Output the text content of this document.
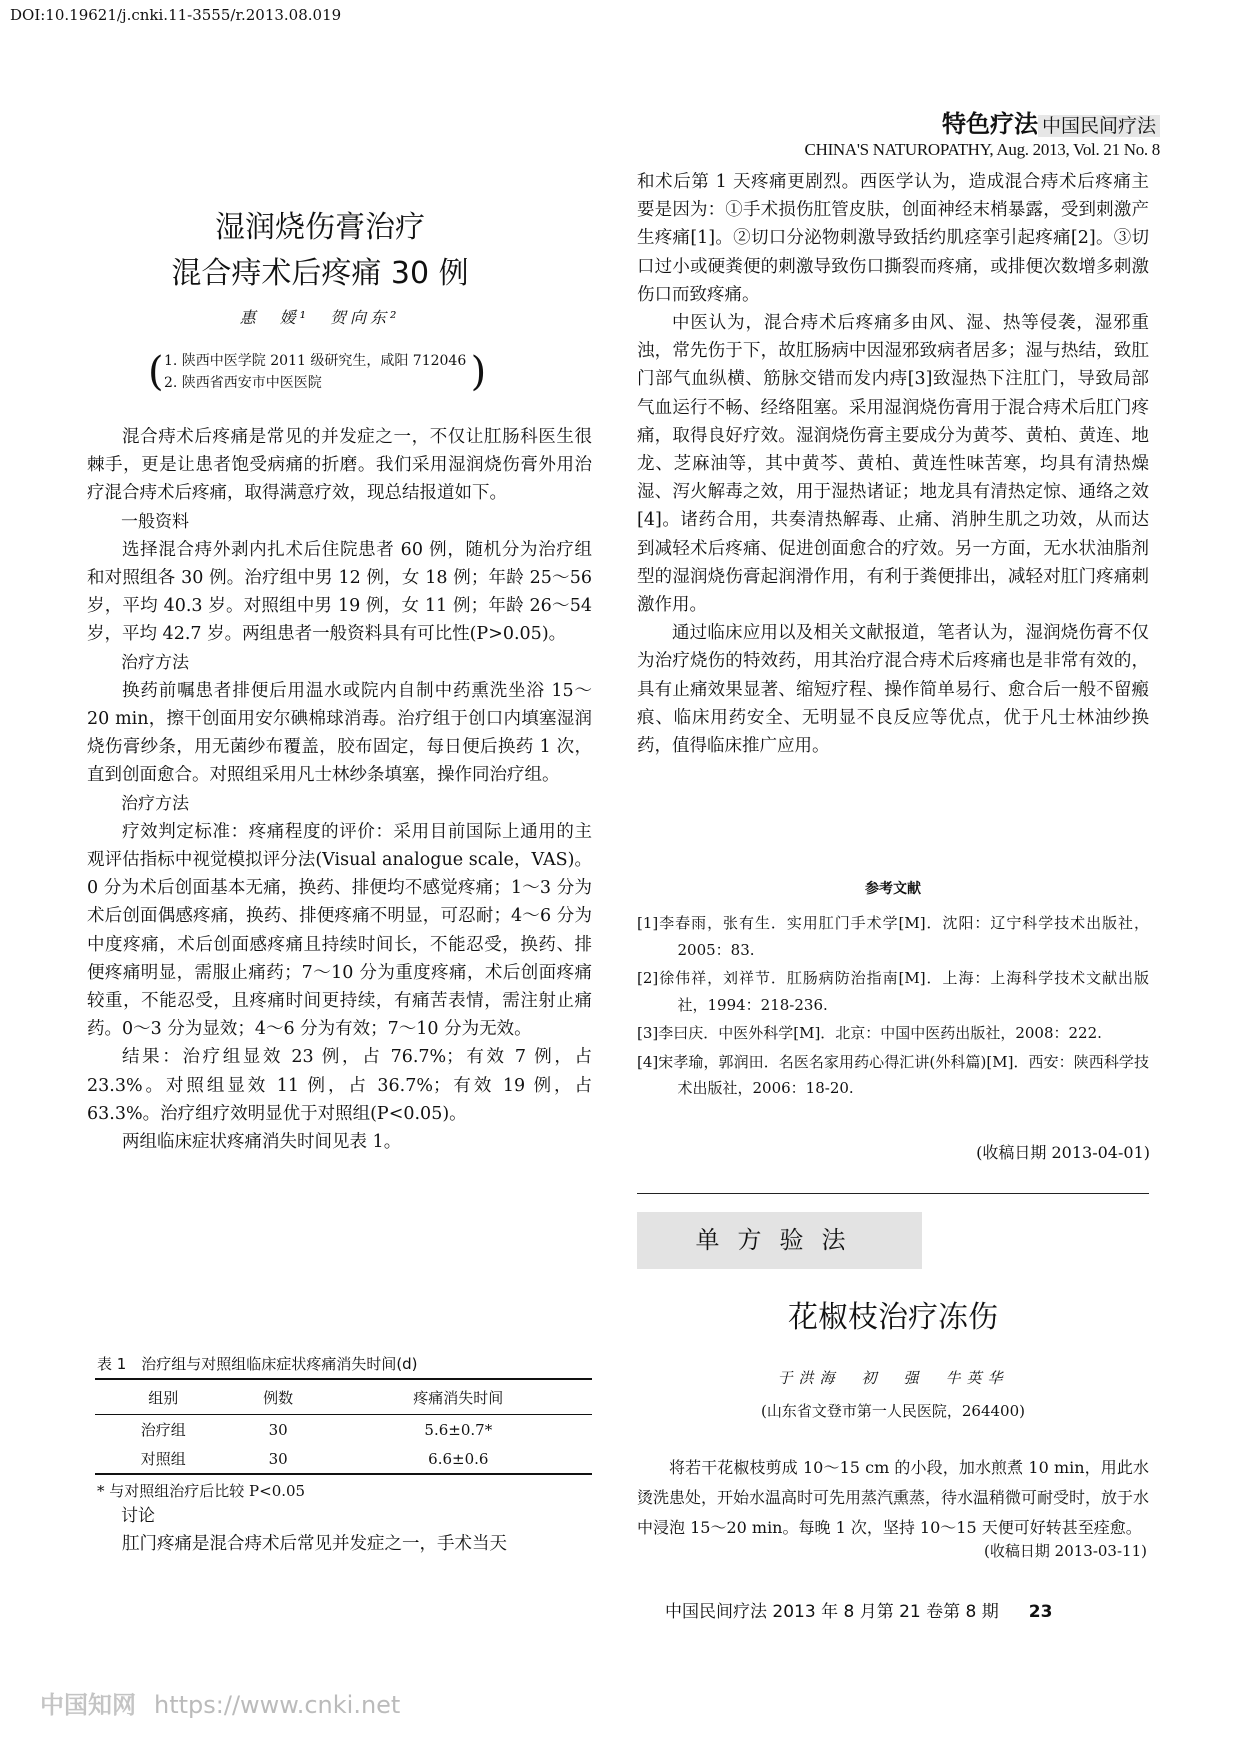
DOI:10.19621/j.cnki.11-3555/r.2013.08.019
特色疗法 中国民间疗法
CHINA'S NATUROPATHY, Aug. 2013, Vol. 21 No. 8
湿润烧伤膏治疗
混合痔术后疼痛 30 例
惠　媛¹　贺向东²
( 1. 陕西中医学院 2011 级研究生，咸阳 712046
2. 陕西省西安市中医医院	)

混合痔术后疼痛是常见的并发症之一，不仅让肛肠科医生很棘手，更是让患者饱受病痛的折磨。我们采用湿润烧伤膏外用治疗混合痔术后疼痛，取得满意疗效，现总结报道如下。

一般资料

选择混合痔外剥内扎术后住院患者 60 例，随机分为治疗组和对照组各 30 例。治疗组中男 12 例，女 18 例；年龄 25～56 岁，平均 40.3 岁。对照组中男 19 例，女 11 例；年龄 26～54 岁，平均 42.7 岁。两组患者一般资料具有可比性(P>0.05)。

治疗方法

换药前嘱患者排便后用温水或院内自制中药熏洗坐浴 15～20 min，擦干创面用安尔碘棉球消毒。治疗组于创口内填塞湿润烧伤膏纱条，用无菌纱布覆盖，胶布固定，每日便后换药 1 次，直到创面愈合。对照组采用凡士林纱条填塞，操作同治疗组。

治疗方法

疗效判定标准：疼痛程度的评价：采用目前国际上通用的主观评估指标中视觉模拟评分法(Visual analogue scale，VAS)。0 分为术后创面基本无痛，换药、排便均不感觉疼痛；1～3 分为术后创面偶感疼痛，换药、排便疼痛不明显，可忍耐；4～6 分为中度疼痛，术后创面感疼痛且持续时间长，不能忍受，换药、排便疼痛明显，需服止痛药；7～10 分为重度疼痛，术后创面疼痛较重，不能忍受，且疼痛时间更持续，有痛苦表情，需注射止痛药。0～3 分为显效；4～6 分为有效；7～10 分为无效。

结果：治疗组显效 23 例，占 76.7%；有效 7 例，占 23.3%。对照组显效 11 例，占 36.7%；有效 19 例，占 63.3%。治疗组疗效明显优于对照组(P<0.05)。

两组临床症状疼痛消失时间见表 1。

表 1　治疗组与对照组临床症状疼痛消失时间(d)
组别	例数	疼痛消失时间
治疗组	30	5.6±0.7*
对照组	30	6.6±0.6
* 与对照组治疗后比较 P<0.05

讨论

肛门疼痛是混合痔术后常见并发症之一，手术当天

和术后第 1 天疼痛更剧烈。西医学认为，造成混合痔术后疼痛主要是因为：①手术损伤肛管皮肤，创面神经末梢暴露，受到刺激产生疼痛[1]。②切口分泌物刺激导致括约肌痉挛引起疼痛[2]。③切口过小或硬粪便的刺激导致伤口撕裂而疼痛，或排便次数增多刺激伤口而致疼痛。

中医认为，混合痔术后疼痛多由风、湿、热等侵袭，湿邪重浊，常先伤于下，故肛肠病中因湿邪致病者居多；湿与热结，致肛门部气血纵横、筋脉交错而发内痔[3]致湿热下注肛门，导致局部气血运行不畅、经络阻塞。采用湿润烧伤膏用于混合痔术后肛门疼痛，取得良好疗效。湿润烧伤膏主要成分为黄芩、黄柏、黄连、地龙、芝麻油等，其中黄芩、黄柏、黄连性味苦寒，均具有清热燥湿、泻火解毒之效，用于湿热诸证；地龙具有清热定惊、通络之效[4]。诸药合用，共奏清热解毒、止痛、消肿生肌之功效，从而达到减轻术后疼痛、促进创面愈合的疗效。另一方面，无水状油脂剂型的湿润烧伤膏起润滑作用，有利于粪便排出，减轻对肛门疼痛刺激作用。

通过临床应用以及相关文献报道，笔者认为，湿润烧伤膏不仅为治疗烧伤的特效药，用其治疗混合痔术后疼痛也是非常有效的，具有止痛效果显著、缩短疗程、操作简单易行、愈合后一般不留瘢痕、临床用药安全、无明显不良反应等优点，优于凡士林油纱换药，值得临床推广应用。

参考文献
[1]李春雨，张有生．实用肛门手术学[M]．沈阳：辽宁科学技术出版社，2005：83.
[2]徐伟祥，刘祥节．肛肠病防治指南[M]．上海：上海科学技术文献出版社，1994：218-236.
[3]李曰庆．中医外科学[M]．北京：中国中医药出版社，2008：222.
[4]宋孝瑜，郭润田．名医名家用药心得汇讲(外科篇)[M]．西安：陕西科学技术出版社，2006：18-20.
(收稿日期 2013-04-01)
单方验法
花椒枝治疗冻伤
于洪海　初　强　牛英华
(山东省文登市第一人民医院，264400)

将若干花椒枝剪成 10～15 cm 的小段，加水煎煮 10 min，用此水烫洗患处，开始水温高时可先用蒸汽熏蒸，待水温稍微可耐受时，放于水中浸泡 15～20 min。每晚 1 次，坚持 10～15 天便可好转甚至痊愈。

(收稿日期 2013-03-11)
中国民间疗法 2013 年 8 月第 21 卷第 8 期 23
中国知网 https://www.cnki.net
